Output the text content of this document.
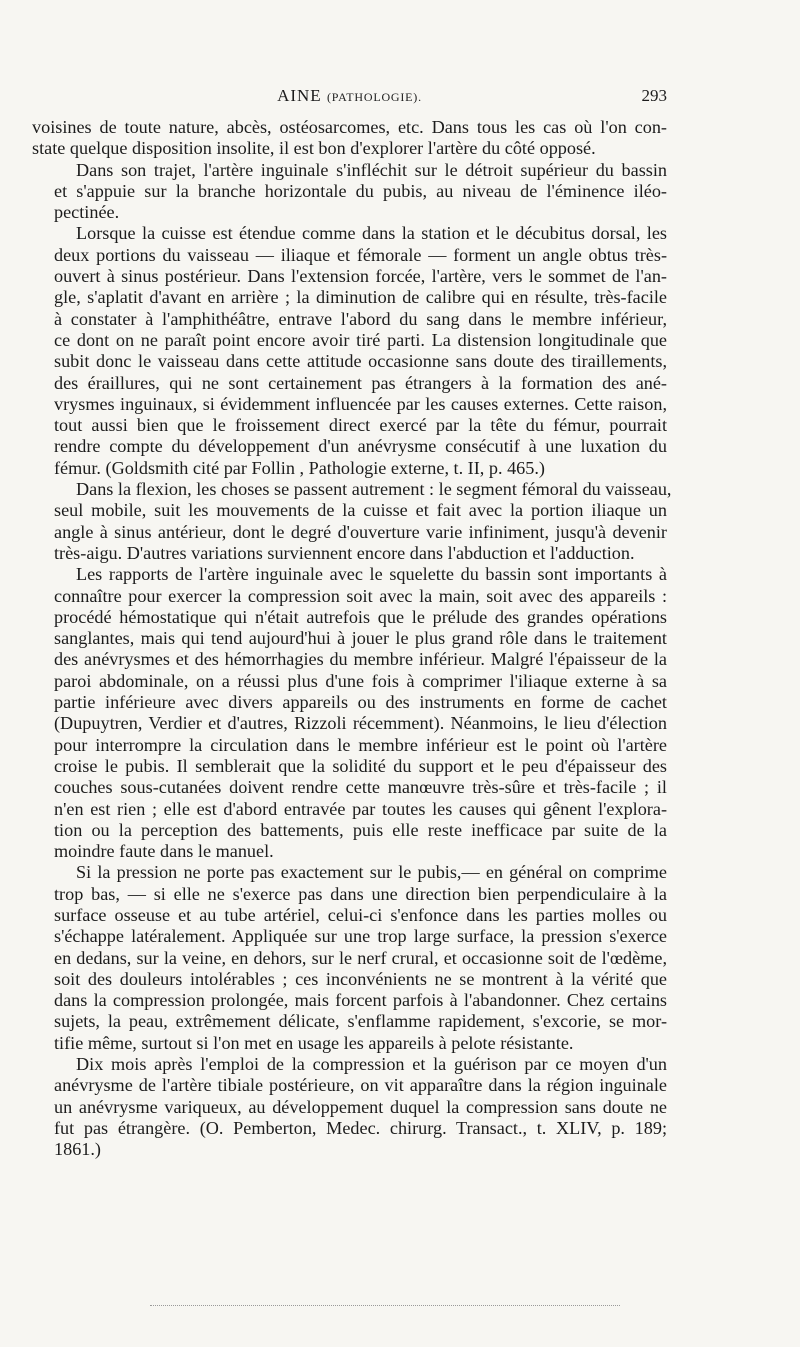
AINE (PATHOLOGIE).	293
voisines de toute nature, abcès, ostéosarcomes, etc. Dans tous les cas où l'on con-
state quelque disposition insolite, il est bon d'explorer l'artère du côté opposé.
Dans son trajet, l'artère inguinale s'infléchit sur le détroit supérieur du bassin
et s'appuie sur la branche horizontale du pubis, au niveau de l'éminence iléo-
pectinée.
Lorsque la cuisse est étendue comme dans la station et le décubitus dorsal, les
deux portions du vaisseau — iliaque et fémorale — forment un angle obtus très-
ouvert à sinus postérieur. Dans l'extension forcée, l'artère, vers le sommet de l'an-
gle, s'aplatit d'avant en arrière ; la diminution de calibre qui en résulte, très-facile
à constater à l'amphithéâtre, entrave l'abord du sang dans le membre inférieur,
ce dont on ne paraît point encore avoir tiré parti. La distension longitudinale que
subit donc le vaisseau dans cette attitude occasionne sans doute des tiraillements,
des éraillures, qui ne sont certainement pas étrangers à la formation des ané-
vrysmes inguinaux, si évidemment influencée par les causes externes. Cette raison,
tout aussi bien que le froissement direct exercé par la tête du fémur, pourrait
rendre compte du développement d'un anévrysme consécutif à une luxation du
fémur. (Goldsmith cité par Follin , Pathologie externe, t. II, p. 465.)
Dans la flexion, les choses se passent autrement : le segment fémoral du vaisseau,
seul mobile, suit les mouvements de la cuisse et fait avec la portion iliaque un
angle à sinus antérieur, dont le degré d'ouverture varie infiniment, jusqu'à devenir
très-aigu. D'autres variations surviennent encore dans l'abduction et l'adduction.
Les rapports de l'artère inguinale avec le squelette du bassin sont importants à
connaître pour exercer la compression soit avec la main, soit avec des appareils :
procédé hémostatique qui n'était autrefois que le prélude des grandes opérations
sanglantes, mais qui tend aujourd'hui à jouer le plus grand rôle dans le traitement
des anévrysmes et des hémorrhagies du membre inférieur. Malgré l'épaisseur de la
paroi abdominale, on a réussi plus d'une fois à comprimer l'iliaque externe à sa
partie inférieure avec divers appareils ou des instruments en forme de cachet
(Dupuytren, Verdier et d'autres, Rizzoli récemment). Néanmoins, le lieu d'élection
pour interrompre la circulation dans le membre inférieur est le point où l'artère
croise le pubis. Il semblerait que la solidité du support et le peu d'épaisseur des
couches sous-cutanées doivent rendre cette manœuvre très-sûre et très-facile ; il
n'en est rien ; elle est d'abord entravée par toutes les causes qui gênent l'explora-
tion ou la perception des battements, puis elle reste inefficace par suite de la
moindre faute dans le manuel.
Si la pression ne porte pas exactement sur le pubis,— en général on comprime
trop bas, — si elle ne s'exerce pas dans une direction bien perpendiculaire à la
surface osseuse et au tube artériel, celui-ci s'enfonce dans les parties molles ou
s'échappe latéralement. Appliquée sur une trop large surface, la pression s'exerce
en dedans, sur la veine, en dehors, sur le nerf crural, et occasionne soit de l'œdème,
soit des douleurs intolérables ; ces inconvénients ne se montrent à la vérité que
dans la compression prolongée, mais forcent parfois à l'abandonner. Chez certains
sujets, la peau, extrêmement délicate, s'enflamme rapidement, s'excorie, se mor-
tifie même, surtout si l'on met en usage les appareils à pelote résistante.
Dix mois après l'emploi de la compression et la guérison par ce moyen d'un
anévrysme de l'artère tibiale postérieure, on vit apparaître dans la région inguinale
un anévrysme variqueux, au développement duquel la compression sans doute ne
fut pas étrangère. (O. Pemberton, Medec. chirurg. Transact., t. XLIV, p. 189;
1861.)
